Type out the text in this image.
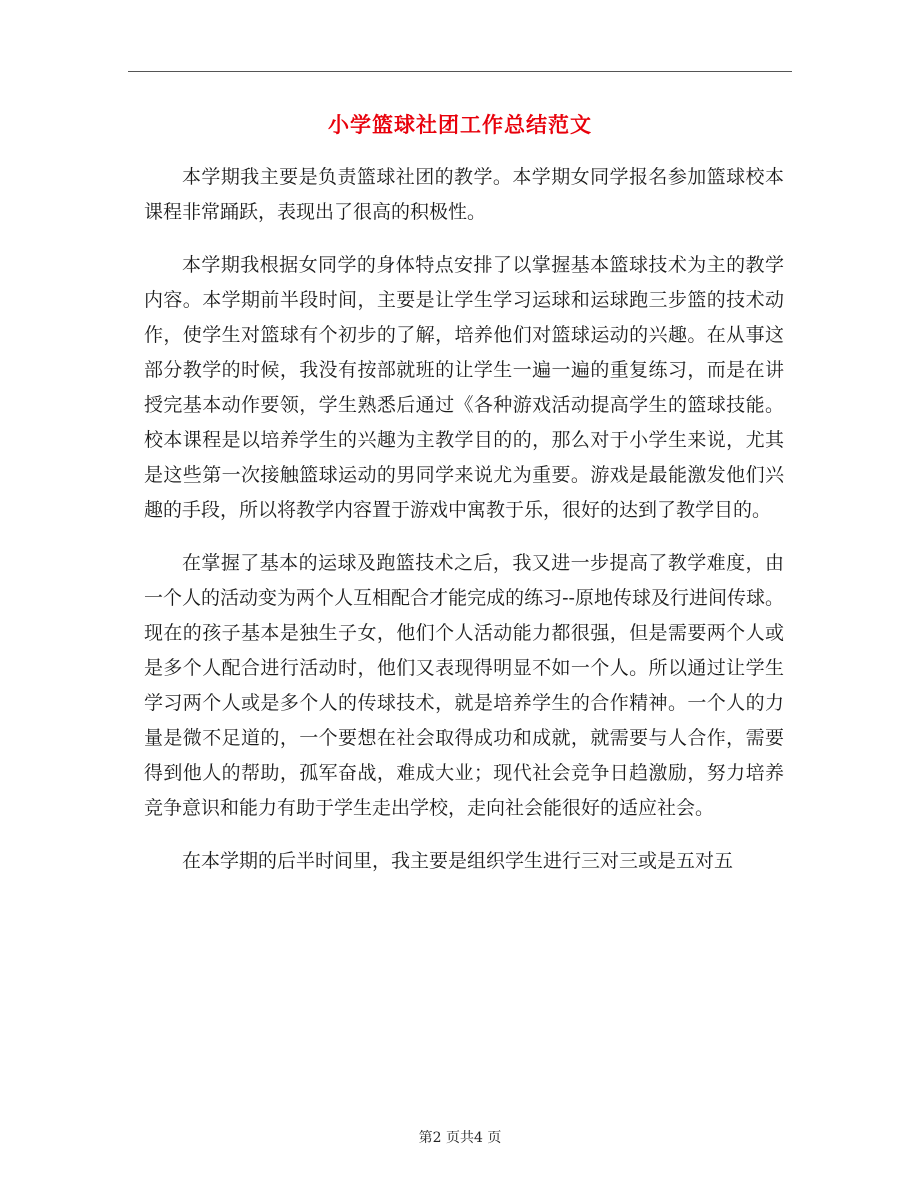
小学篮球社团工作总结范文

本学期我主要是负责篮球社团的教学。本学期女同学报名参加篮球校本课程非常踊跃，表现出了很高的积极性。

本学期我根据女同学的身体特点安排了以掌握基本篮球技术为主的教学内容。本学期前半段时间，主要是让学生学习运球和运球跑三步篮的技术动作，使学生对篮球有个初步的了解，培养他们对篮球运动的兴趣。在从事这部分教学的时候，我没有按部就班的让学生一遍一遍的重复练习，而是在讲授完基本动作要领，学生熟悉后通过《各种游戏活动提高学生的篮球技能。校本课程是以培养学生的兴趣为主教学目的的，那么对于小学生来说，尤其是这些第一次接触篮球运动的男同学来说尤为重要。游戏是最能激发他们兴趣的手段，所以将教学内容置于游戏中寓教于乐，很好的达到了教学目的。

在掌握了基本的运球及跑篮技术之后，我又进一步提高了教学难度，由一个人的活动变为两个人互相配合才能完成的练习--原地传球及行进间传球。现在的孩子基本是独生子女，他们个人活动能力都很强，但是需要两个人或是多个人配合进行活动时，他们又表现得明显不如一个人。所以通过让学生学习两个人或是多个人的传球技术，就是培养学生的合作精神。一个人的力量是微不足道的，一个要想在社会取得成功和成就，就需要与人合作，需要得到他人的帮助，孤军奋战，难成大业；现代社会竞争日趋激励，努力培养竞争意识和能力有助于学生走出学校，走向社会能很好的适应社会。

在本学期的后半时间里，我主要是组织学生进行三对三或是五对五

第2 页共4 页
